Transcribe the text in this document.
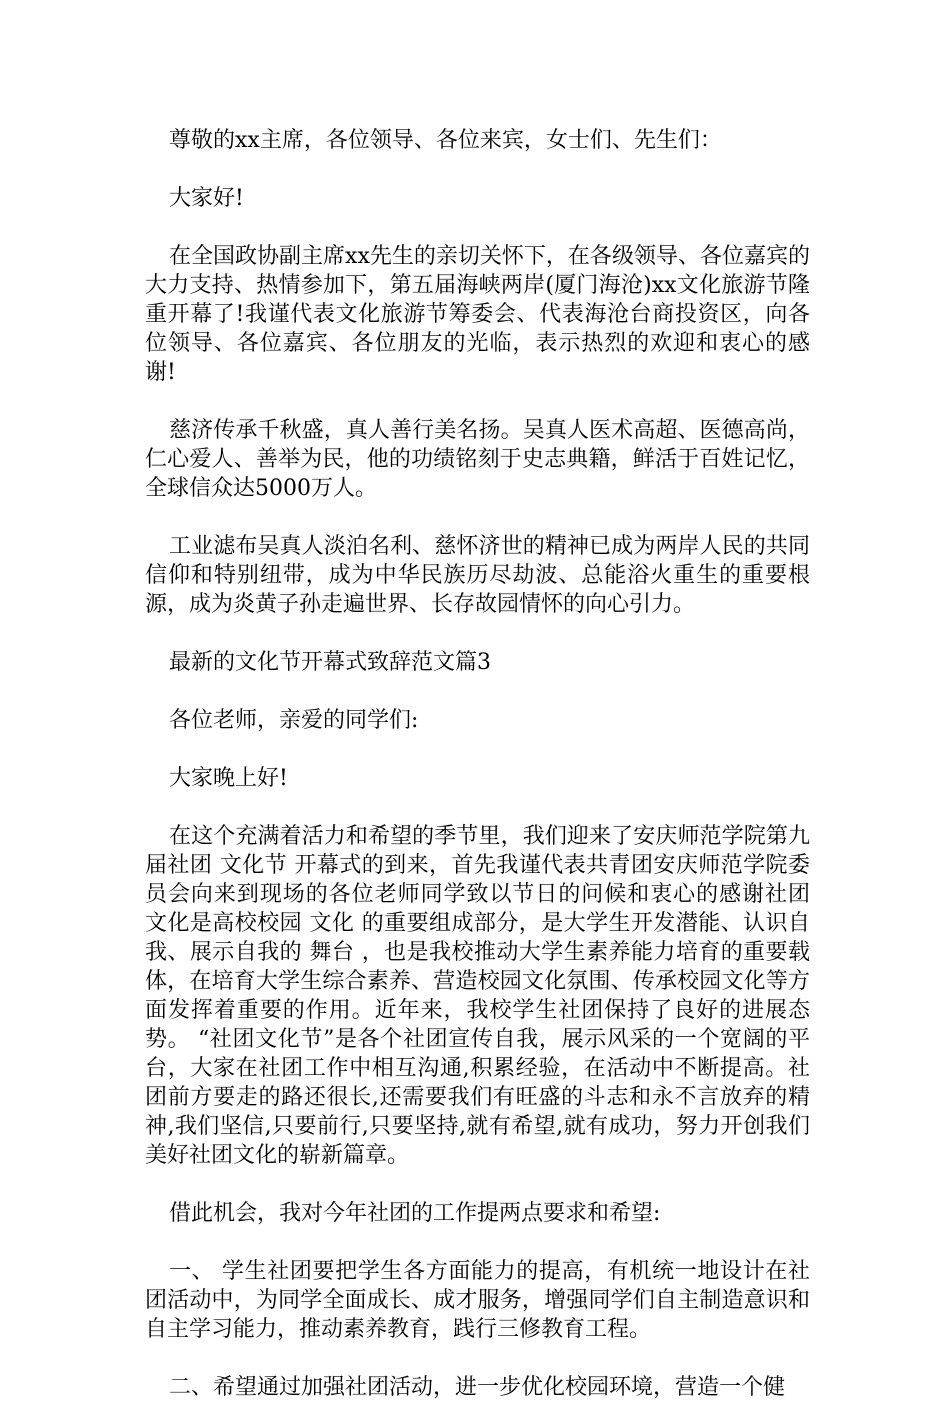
尊敬的xx主席，各位领导、各位来宾，女士们、先生们：

大家好!

在全国政协副主席xx先生的亲切关怀下，在各级领导、各位嘉宾的大力支持、热情参加下，第五届海峡两岸(厦门海沧)xx文化旅游节隆重开幕了!我谨代表文化旅游节筹委会、代表海沧台商投资区，向各位领导、各位嘉宾、各位朋友的光临，表示热烈的欢迎和衷心的感谢!

慈济传承千秋盛，真人善行美名扬。吴真人医术高超、医德高尚，仁心爱人、善举为民，他的功绩铭刻于史志典籍，鲜活于百姓记忆，全球信众达5000万人。

工业滤布吴真人淡泊名利、慈怀济世的精神已成为两岸人民的共同信仰和特别纽带，成为中华民族历尽劫波、总能浴火重生的重要根源，成为炎黄子孙走遍世界、长存故园情怀的向心引力。

最新的文化节开幕式致辞范文篇3

各位老师，亲爱的同学们:

大家晚上好!

在这个充满着活力和希望的季节里，我们迎来了安庆师范学院第九届社团 文化节 开幕式的到来，首先我谨代表共青团安庆师范学院委员会向来到现场的各位老师同学致以节日的问候和衷心的感谢社团 文化是高校校园 文化 的重要组成部分，是大学生开发潜能、认识自我、展示自我的 舞台 ，也是我校推动大学生素养能力培育的重要载体，在培育大学生综合素养、营造校园文化氛围、传承校园文化等方面发挥着重要的作用。近年来，我校学生社团保持了良好的进展态势。 “社团文化节”是各个社团宣传自我，展示风采的一个宽阔的平台，大家在社团工作中相互沟通,积累经验，在活动中不断提高。社团前方要走的路还很长,还需要我们有旺盛的斗志和永不言放弃的精神,我们坚信,只要前行,只要坚持,就有希望,就有成功，努力开创我们美好社团文化的崭新篇章。

借此机会，我对今年社团的工作提两点要求和希望:

一、 学生社团要把学生各方面能力的提高，有机统一地设计在社团活动中，为同学全面成长、成才服务，增强同学们自主制造意识和自主学习能力，推动素养教育，践行三修教育工程。

二、希望通过加强社团活动，进一步优化校园环境，营造一个健
